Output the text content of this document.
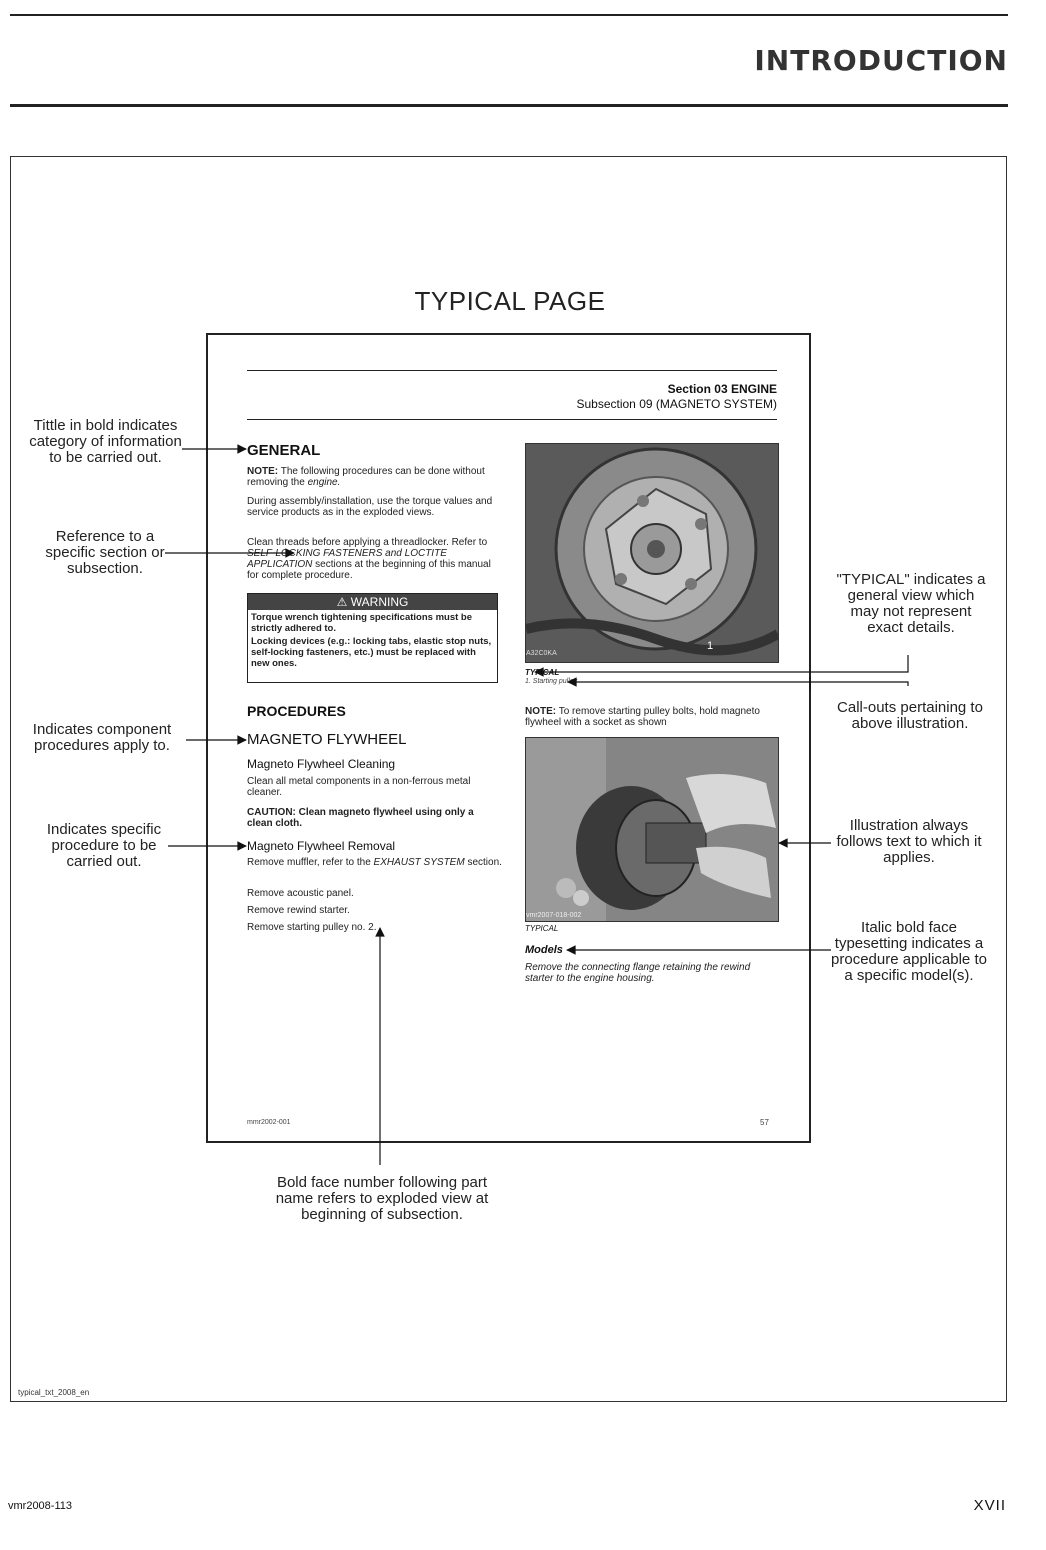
INTRODUCTION
TYPICAL PAGE
Section 03 ENGINE
Subsection 09 (MAGNETO SYSTEM)
GENERAL
NOTE: The following procedures can be done without removing the engine.
During assembly/installation, use the torque values and service products as in the exploded views.
Clean threads before applying a threadlocker. Refer to SELF-LOCKING FASTENERS and LOCTITE APPLICATION sections at the beginning of this manual for complete procedure.
⚠ WARNING
Torque wrench tightening specifications must be strictly adhered to.
Locking devices (e.g.: locking tabs, elastic stop nuts, self-locking fasteners, etc.) must be replaced with new ones.
PROCEDURES
MAGNETO FLYWHEEL
Magneto Flywheel Cleaning
Clean all metal components in a non-ferrous metal cleaner.
CAUTION: Clean magneto flywheel using only a clean cloth.
Magneto Flywheel Removal
Remove muffler, refer to the EXHAUST SYSTEM section.
Remove acoustic panel.
Remove rewind starter.
Remove starting pulley no. 2.
1
A32C0KA
TYPICAL
1. Starting pulley
NOTE: To remove starting pulley bolts, hold magneto flywheel with a socket as shown
vmr2007-018-002
TYPICAL
Models
Remove the connecting flange retaining the rewind starter to the engine housing.
mmr2002-001	57
Tittle in bold indicates category of information to be carried out.
Reference to a specific section or subsection.
Indicates component procedures apply to.
Indicates specific procedure to be carried out.
"TYPICAL" indicates a general view which may not represent exact details.
Call-outs pertaining to above illustration.
Illustration always follows text to which it applies.
Italic bold face typesetting indicates a procedure applicable to a specific model(s).
Bold face number following part name refers to exploded view at beginning of subsection.
typical_txt_2008_en
vmr2008-113	XVII
